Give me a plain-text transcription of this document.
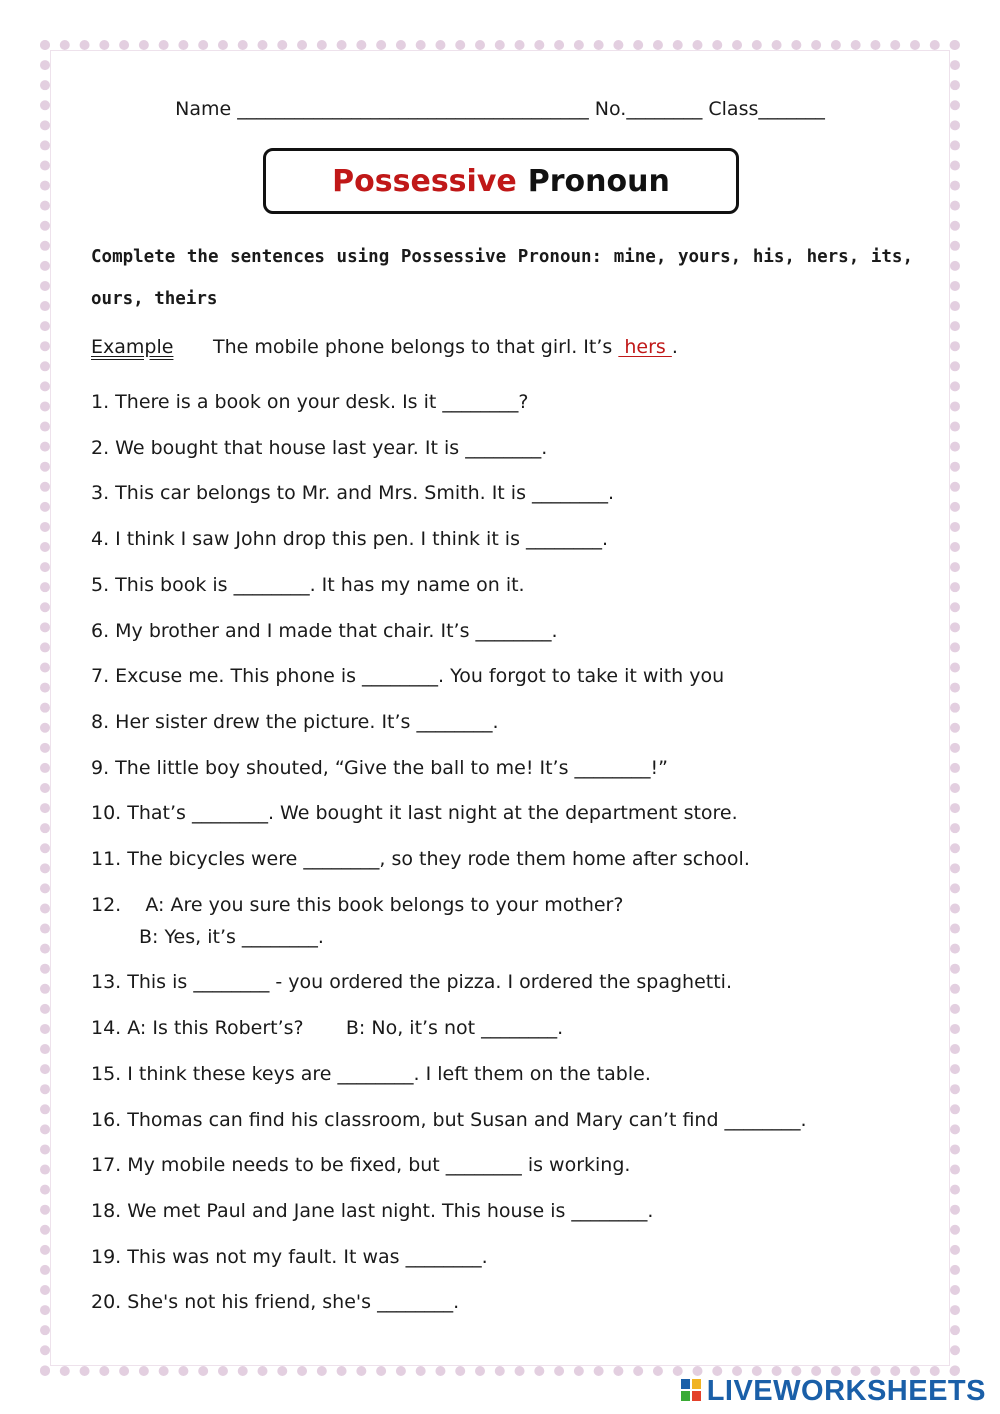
Name _____________________________________ No.________ Class_______
Possessive Pronoun
Complete the sentences using Possessive Pronoun: mine, yours, his, hers, its, ours, theirs
Example The mobile phone belongs to that girl. It’s  hers .
1. There is a book on your desk. Is it ________?
2. We bought that house last year. It is ________.
3. This car belongs to Mr. and Mrs. Smith. It is ________.
4. I think I saw John drop this pen. I think it is ________.
5. This book is ________. It has my name on it.
6. My brother and I made that chair. It’s ________.
7. Excuse me. This phone is ________. You forgot to take it with you
8. Her sister drew the picture. It’s ________.
9. The little boy shouted, “Give the ball to me! It’s ________!”
10. That’s ________. We bought it last night at the department store.
11. The bicycles were ________, so they rode them home after school.
12.    A: Are you sure this book belongs to your mother?
B: Yes, it’s ________.
13. This is ________ - you ordered the pizza. I ordered the spaghetti.
14. A: Is this Robert’s?       B: No, it’s not ________.
15. I think these keys are ________. I left them on the table.
16. Thomas can find his classroom, but Susan and Mary can’t find ________.
17. My mobile needs to be fixed, but ________ is working.
18. We met Paul and Jane last night. This house is ________.
19. This was not my fault. It was ________.
20. She's not his friend, she's ________.
LIVEWORKSHEETS
